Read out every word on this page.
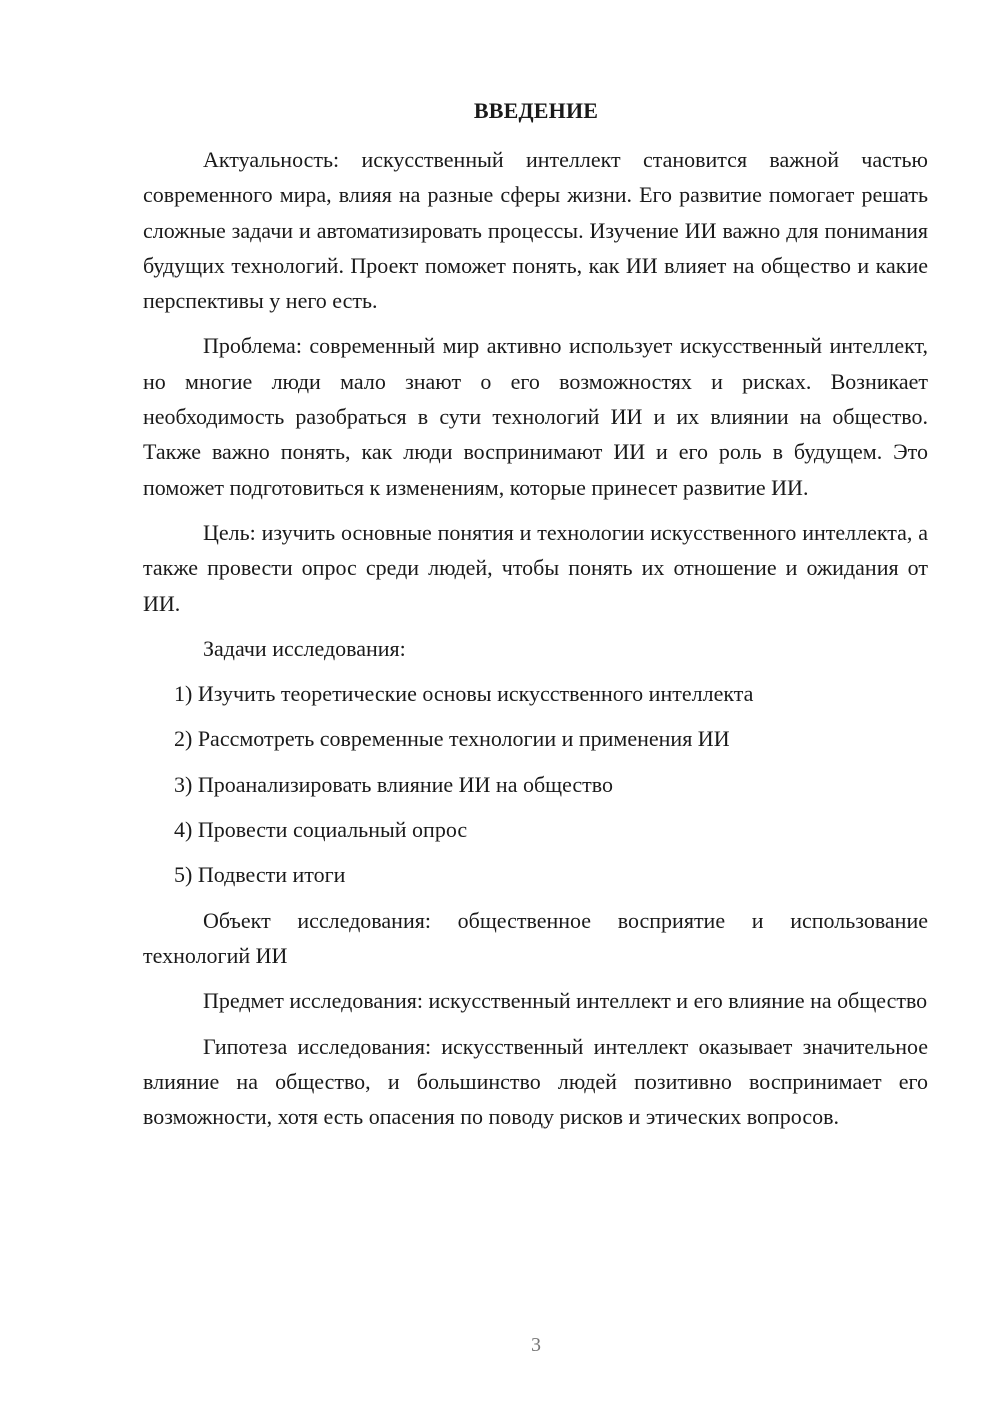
ВВЕДЕНИЕ

Актуальность: искусственный интеллект становится важной частью современного мира, влияя на разные сферы жизни. Его развитие помогает решать сложные задачи и автоматизировать процессы. Изучение ИИ важно для понимания будущих технологий. Проект поможет понять, как ИИ влияет на общество и какие перспективы у него есть.

Проблема: современный мир активно использует искусственный интеллект, но многие люди мало знают о его возможностях и рисках. Возникает необходимость разобраться в сути технологий ИИ и их влиянии на общество. Также важно понять, как люди воспринимают ИИ и его роль в будущем. Это поможет подготовиться к изменениям, которые принесет развитие ИИ.

Цель: изучить основные понятия и технологии искусственного интеллекта, а также провести опрос среди людей, чтобы понять их отношение и ожидания от ИИ.

Задачи исследования:

1) Изучить теоретические основы искусственного интеллекта

2) Рассмотреть современные технологии и применения ИИ

3) Проанализировать влияние ИИ на общество

4) Провести социальный опрос

5) Подвести итоги

Объект исследования: общественное восприятие и использование технологий ИИ

Предмет исследования: искусственный интеллект и его влияние на общество

Гипотеза исследования: искусственный интеллект оказывает значительное влияние на общество, и большинство людей позитивно воспринимает его возможности, хотя есть опасения по поводу рисков и этических вопросов.

3
